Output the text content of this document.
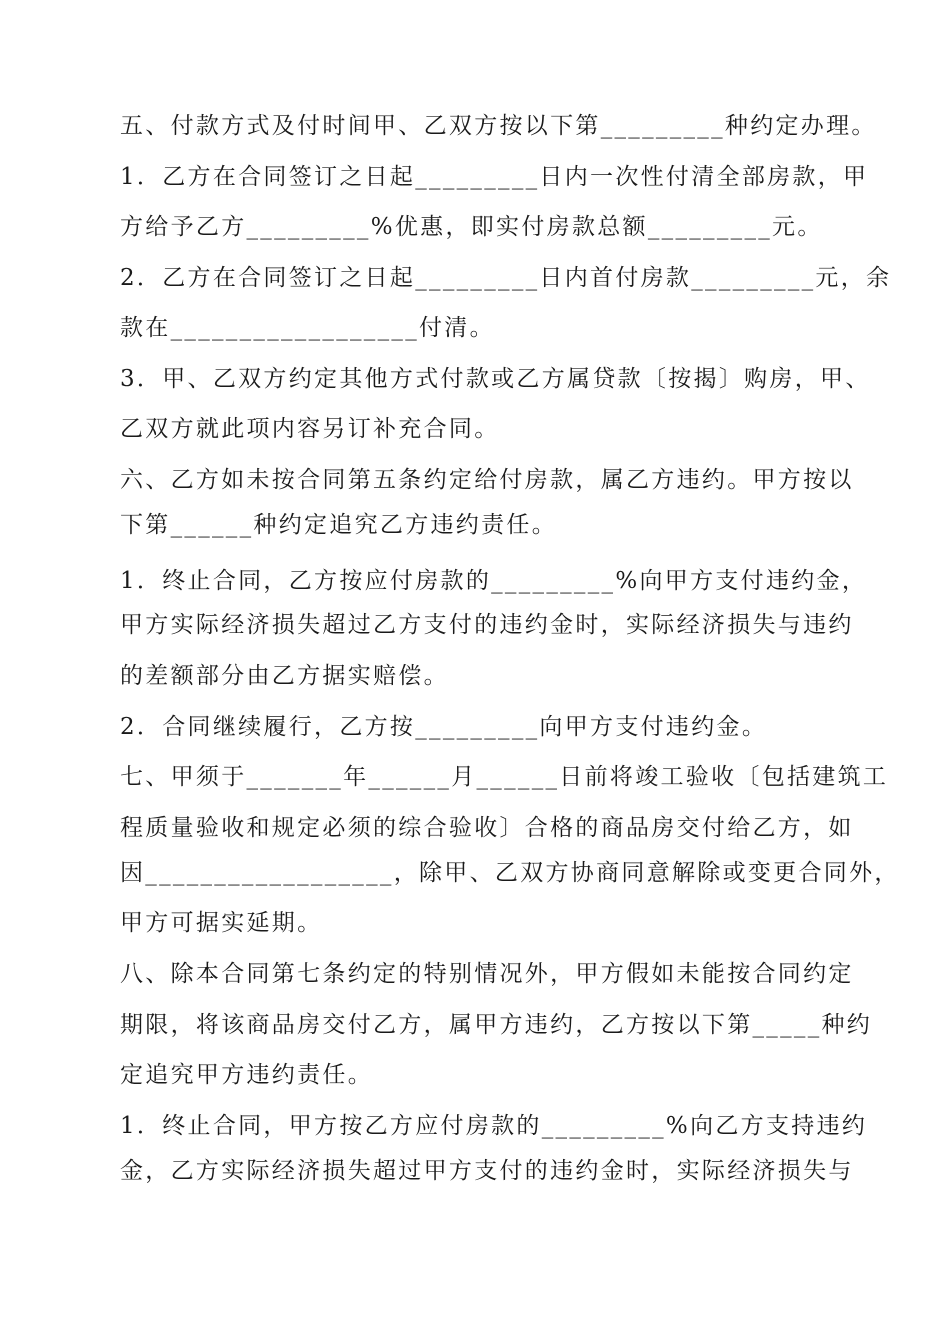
五、付款方式及付时间甲、乙双方按以下第_________种约定办理。
1．乙方在合同签订之日起_________日内一次性付清全部房款，甲
方给予乙方_________%优惠，即实付房款总额_________元。
2．乙方在合同签订之日起_________日内首付房款_________元，余
款在__________________付清。
3．甲、乙双方约定其他方式付款或乙方属贷款〔按揭〕购房，甲、
乙双方就此项内容另订补充合同。
六、乙方如未按合同第五条约定给付房款，属乙方违约。甲方按以
下第______种约定追究乙方违约责任。
1．终止合同，乙方按应付房款的_________%向甲方支付违约金，
甲方实际经济损失超过乙方支付的违约金时，实际经济损失与违约
的差额部分由乙方据实赔偿。
2．合同继续履行，乙方按_________向甲方支付违约金。
七、甲须于_______年______月______日前将竣工验收〔包括建筑工
程质量验收和规定必须的综合验收〕合格的商品房交付给乙方，如
因__________________，除甲、乙双方协商同意解除或变更合同外，
甲方可据实延期。
八、除本合同第七条约定的特别情况外，甲方假如未能按合同约定
期限，将该商品房交付乙方，属甲方违约，乙方按以下第_____种约
定追究甲方违约责任。
1．终止合同，甲方按乙方应付房款的_________%向乙方支持违约
金，乙方实际经济损失超过甲方支付的违约金时，实际经济损失与
